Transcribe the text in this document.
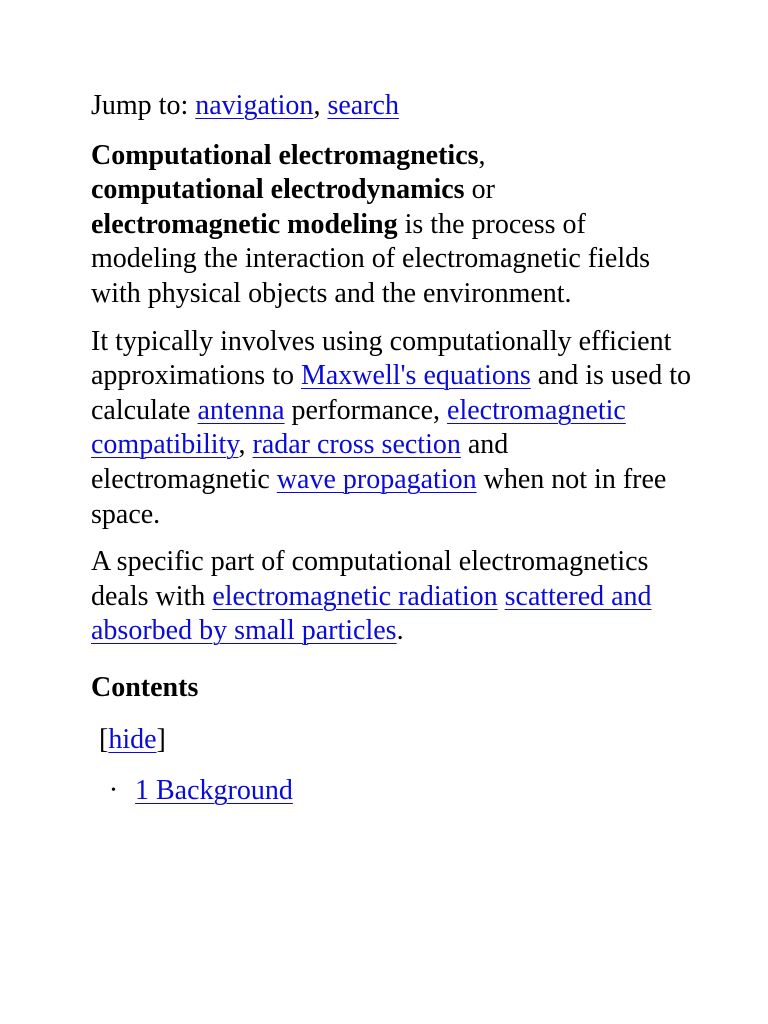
Jump to: navigation, search

Computational electromagnetics,
computational electrodynamics or
electromagnetic modeling is the process of modeling the interaction of electromagnetic fields with physical objects and the environment.

It typically involves using computationally efficient approximations to Maxwell's equations and is used to calculate antenna performance, electromagnetic compatibility, radar cross section and electromagnetic wave propagation when not in free space.

A specific part of computational electromagnetics deals with electromagnetic radiation scattered and absorbed by small particles.

Contents
[hide]
• 1 Background
